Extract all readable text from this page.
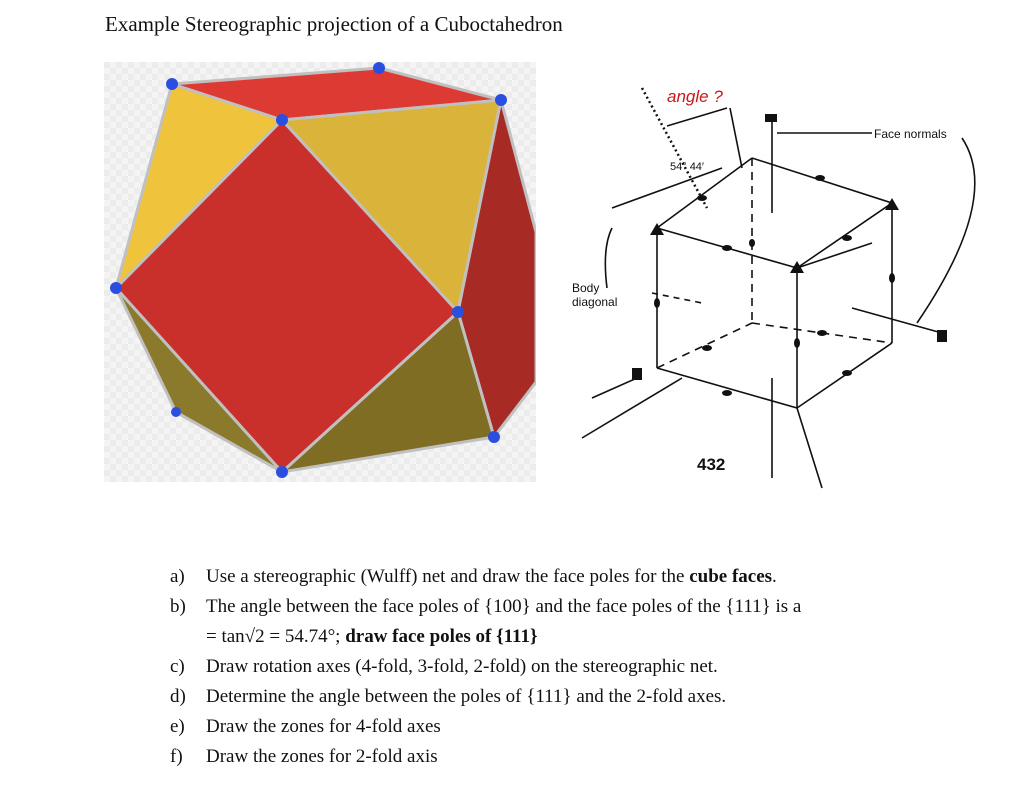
Example Stereographic projection of a Cuboctahedron
angle ?
54° 44′
Face normals
Body
diagonal
432
a) Use a stereographic (Wulff) net and draw the face poles for the cube faces.
b) The angle between the face poles of {100} and the face poles of the {111} is a
= tan√2 = 54.74°; draw face poles of {111}
c) Draw rotation axes (4-fold, 3-fold, 2-fold) on the stereographic net.
d) Determine the angle between the poles of {111} and the 2-fold axes.
e) Draw the zones for 4-fold axes
f) Draw the zones for 2-fold axis
